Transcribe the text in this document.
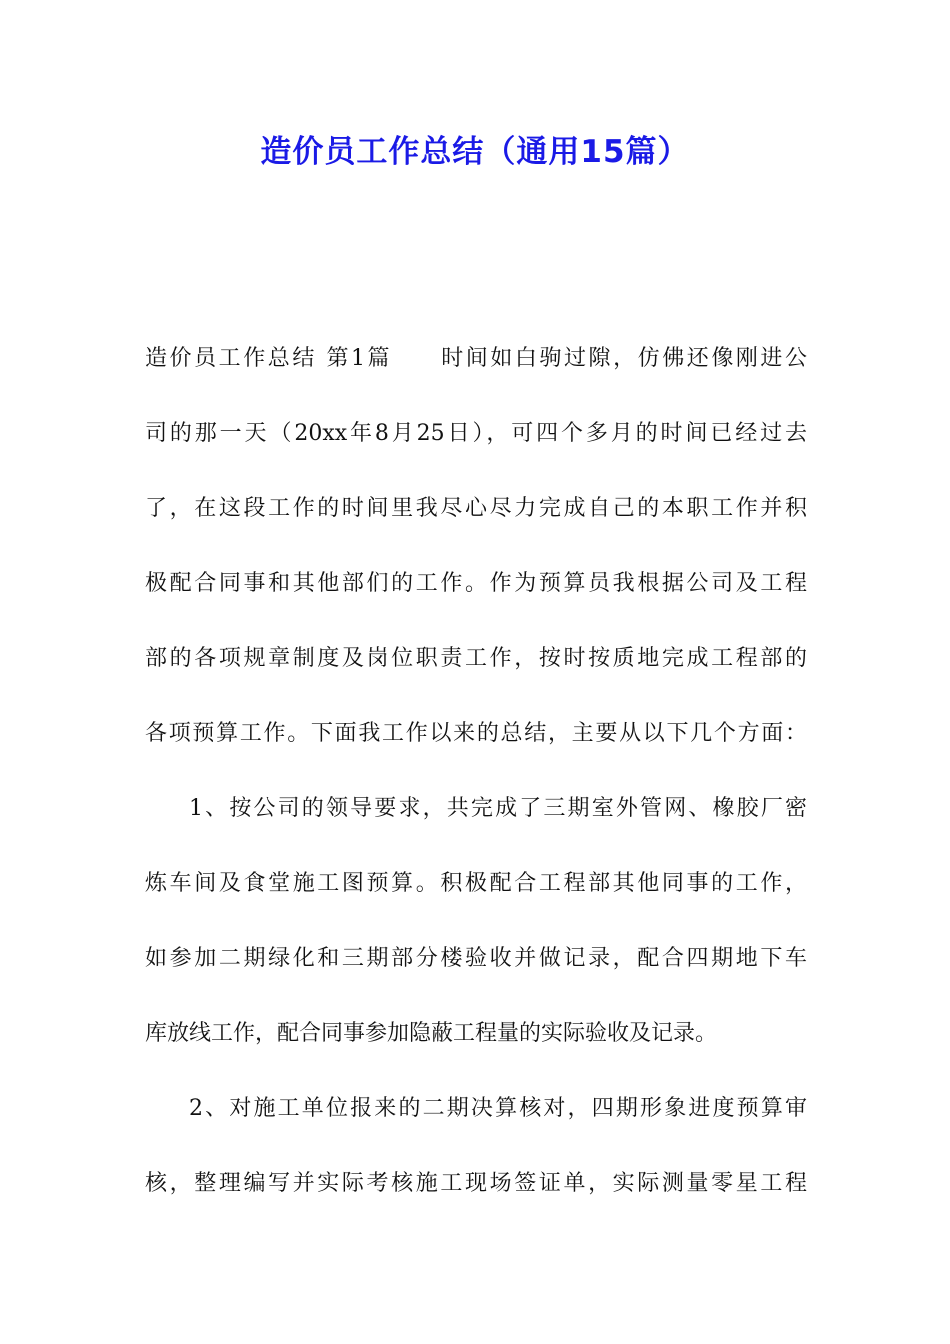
造价员工作总结（通用15篇）
造价员工作总结 第1篇　　时间如白驹过隙，仿佛还像刚进公
司的那一天（20xx年8月25日），可四个多月的时间已经过去
了，在这段工作的时间里我尽心尽力完成自己的本职工作并积
极配合同事和其他部们的工作。作为预算员我根据公司及工程
部的各项规章制度及岗位职责工作，按时按质地完成工程部的
各项预算工作。下面我工作以来的总结，主要从以下几个方面：
1、按公司的领导要求，共完成了三期室外管网、橡胶厂密
炼车间及食堂施工图预算。积极配合工程部其他同事的工作，
如参加二期绿化和三期部分楼验收并做记录，配合四期地下车
库放线工作，配合同事参加隐蔽工程量的实际验收及记录。
2、对施工单位报来的二期决算核对，四期形象进度预算审
核，整理编写并实际考核施工现场签证单，实际测量零星工程
